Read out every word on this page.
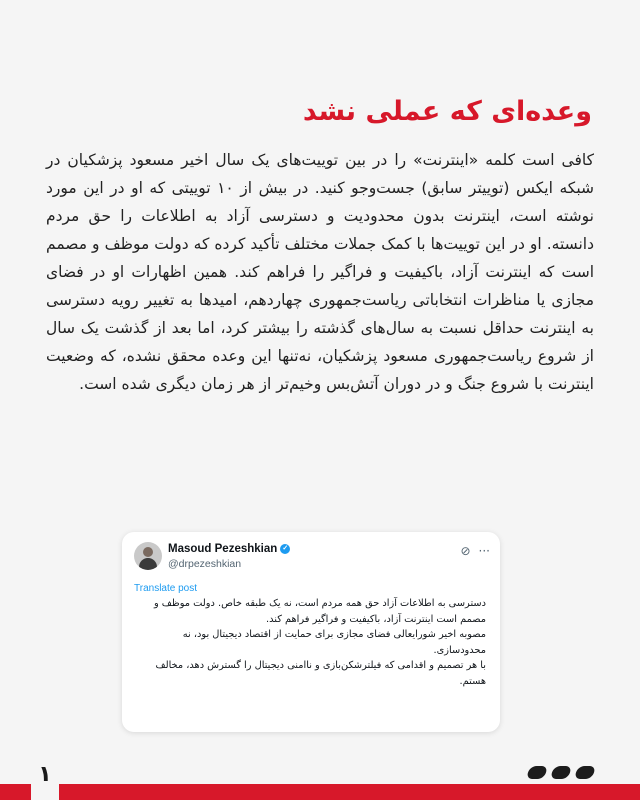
وعده‌ای که عملی نشد

کافی است کلمه «اینترنت» را در بین توییت‌های یک سال اخیر مسعود پزشکیان در شبکه ایکس (توییتر سابق) جست‌وجو کنید. در بیش از ۱۰ توییتی که او در این مورد نوشته است، اینترنت بدون محدودیت و دسترسی آزاد به اطلاعات را حق مردم دانسته. او در این توییت‌ها با کمک جملات مختلف تأکید کرده که دولت موظف و مصمم است که اینترنت آزاد، باکیفیت و فراگیر را فراهم کند. همین اظهارات او در فضای مجازی یا مناظرات انتخاباتی ریاست‌جمهوری چهاردهم، امیدها به تغییر رویه دسترسی به اینترنت حداقل نسبت به سال‌های گذشته را بیشتر کرد، اما بعد از گذشت یک سال از شروع ریاست‌جمهوری مسعود پزشکیان، نه‌تنها این وعده محقق نشده، که وضعیت اینترنت با شروع جنگ و در دوران آتش‌بس وخیم‌تر از هر زمان دیگری شده است.

Masoud Pezeshkian ✓
@drpezeshkian
⊘ ···
Translate post

دسترسی به اطلاعات آزاد حق همه مردم است، نه یک طبقه خاص. دولت موظف و مصمم است اینترنت آزاد، باکیفیت و فراگیر فراهم کند.

مصوبه اخیر شورایعالی فضای مجازی برای حمایت از اقتصاد دیجیتال بود، نه محدودسازی.

با هر تصمیم و اقدامی که فیلترشکن‌بازی و ناامنی دیجیتال را گسترش دهد، مخالف هستم.

۱
